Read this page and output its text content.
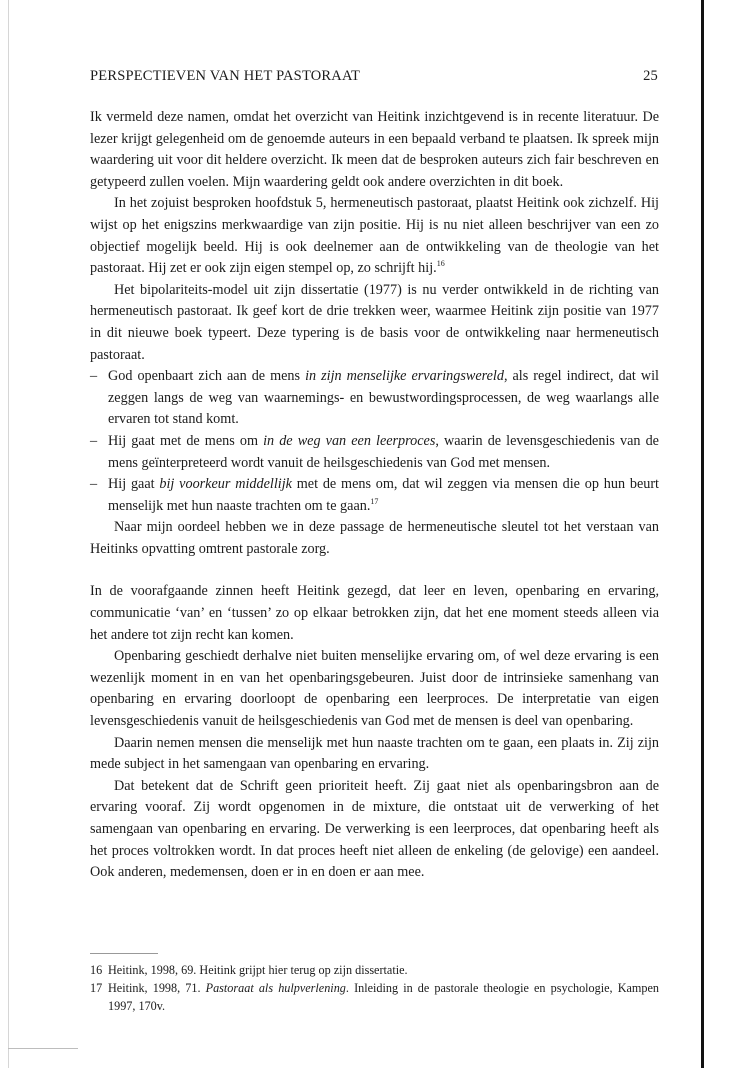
PERSPECTIEVEN VAN HET PASTORAAT	25

Ik vermeld deze namen, omdat het overzicht van Heitink inzichtgevend is in recente literatuur. De lezer krijgt gelegenheid om de genoemde auteurs in een bepaald verband te plaatsen. Ik spreek mijn waardering uit voor dit heldere overzicht. Ik meen dat de besproken auteurs zich fair beschreven en getypeerd zullen voelen. Mijn waardering geldt ook andere overzichten in dit boek.

In het zojuist besproken hoofdstuk 5, hermeneutisch pastoraat, plaatst Heitink ook zichzelf. Hij wijst op het enigszins merkwaardige van zijn positie. Hij is nu niet alleen beschrijver van een zo objectief mogelijk beeld. Hij is ook deelnemer aan de ontwikkeling van de theologie van het pastoraat. Hij zet er ook zijn eigen stempel op, zo schrijft hij.$^{16}$

Het bipolariteits-model uit zijn dissertatie (1977) is nu verder ontwikkeld in de richting van hermeneutisch pastoraat. Ik geef kort de drie trekken weer, waarmee Heitink zijn positie van 1977 in dit nieuwe boek typeert. Deze typering is de basis voor de ontwikkeling naar hermeneutisch pastoraat.

– God openbaart zich aan de mens in zijn menselijke ervaringswereld, als regel indirect, dat wil zeggen langs de weg van waarnemings- en bewustwordingsprocessen, de weg waarlangs alle ervaren tot stand komt.
– Hij gaat met de mens om in de weg van een leerproces, waarin de levensgeschiedenis van de mens geïnterpreteerd wordt vanuit de heilsgeschiedenis van God met mensen.
– Hij gaat bij voorkeur middellijk met de mens om, dat wil zeggen via mensen die op hun beurt menselijk met hun naaste trachten om te gaan.$^{17}$

Naar mijn oordeel hebben we in deze passage de hermeneutische sleutel tot het verstaan van Heitinks opvatting omtrent pastorale zorg.

In de voorafgaande zinnen heeft Heitink gezegd, dat leer en leven, openbaring en ervaring, communicatie ‘van’ en ‘tussen’ zo op elkaar betrokken zijn, dat het ene moment steeds alleen via het andere tot zijn recht kan komen.

Openbaring geschiedt derhalve niet buiten menselijke ervaring om, of wel deze ervaring is een wezenlijk moment in en van het openbaringsgebeuren. Juist door de intrinsieke samenhang van openbaring en ervaring doorloopt de openbaring een leerproces. De interpretatie van eigen levensgeschiedenis vanuit de heilsgeschiedenis van God met de mensen is deel van openbaring.

Daarin nemen mensen die menselijk met hun naaste trachten om te gaan, een plaats in. Zij zijn mede subject in het samengaan van openbaring en ervaring.

Dat betekent dat de Schrift geen prioriteit heeft. Zij gaat niet als openbaringsbron aan de ervaring vooraf. Zij wordt opgenomen in de mixture, die ontstaat uit de verwerking of het samengaan van openbaring en ervaring. De verwerking is een leerproces, dat openbaring heeft als het proces voltrokken wordt. In dat proces heeft niet alleen de enkeling (de gelovige) een aandeel. Ook anderen, medemensen, doen er in en doen er aan mee.

16 Heitink, 1998, 69. Heitink grijpt hier terug op zijn dissertatie.
17 Heitink, 1998, 71. Pastoraat als hulpverlening. Inleiding in de pastorale theologie en psychologie, Kampen 1997, 170v.
